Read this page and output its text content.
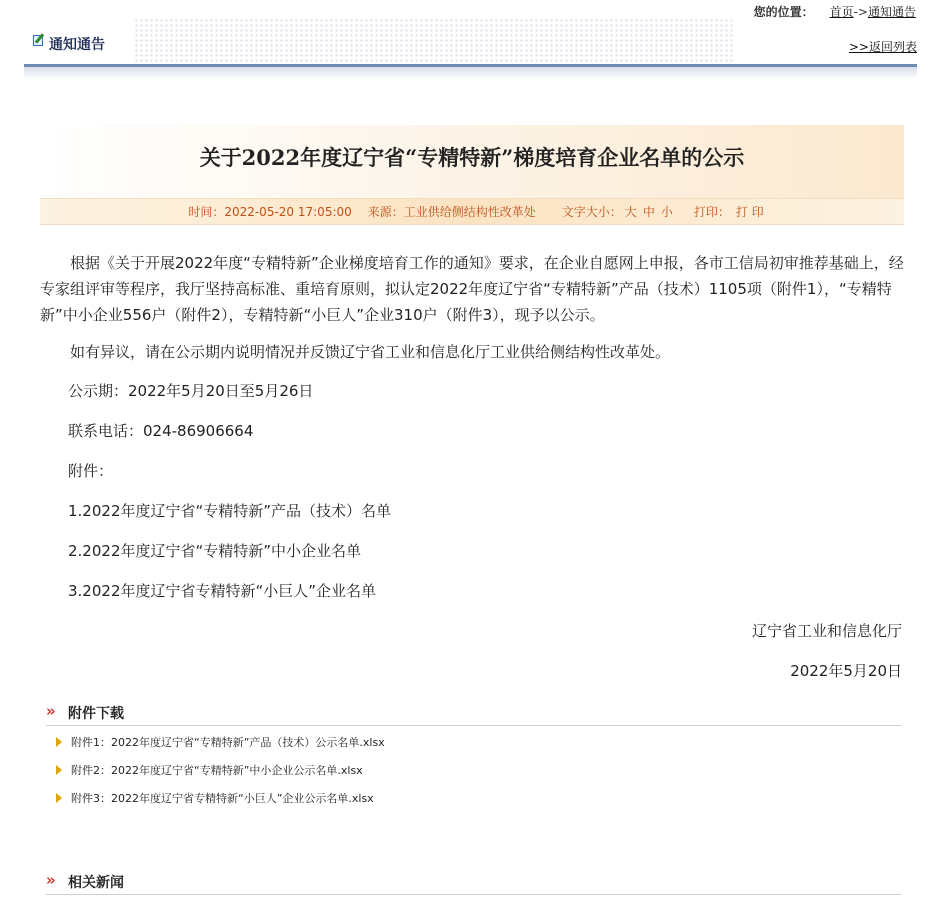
您的位置： 首页->通知通告
通知通告	>>返回列表
关于2022年度辽宁省“专精特新”梯度培育企业名单的公示
时间：2022-05-20 17:05:00 来源：工业供给侧结构性改革处 文字大小： 大 中 小 打印： 打 印

根据《关于开展2022年度“专精特新”企业梯度培育工作的通知》要求，在企业自愿网上申报，各市工信局初审推荐基础上，经专家组评审等程序，我厅坚持高标准、重培育原则，拟认定2022年度辽宁省“专精特新”产品（技术）1105项（附件1），“专精特新”中小企业556户（附件2），专精特新“小巨人”企业310户（附件3），现予以公示。

如有异议，请在公示期内说明情况并反馈辽宁省工业和信息化厅工业供给侧结构性改革处。

公示期：2022年5月20日至5月26日
联系电话：024-86906664
附件：
1.2022年度辽宁省“专精特新”产品（技术）名单
2.2022年度辽宁省“专精特新”中小企业名单
3.2022年度辽宁省专精特新“小巨人”企业名单
辽宁省工业和信息化厅
2022年5月20日
» 附件下载
附件1：2022年度辽宁省“专精特新”产品（技术）公示名单.xlsx
附件2：2022年度辽宁省“专精特新”中小企业公示名单.xlsx
附件3：2022年度辽宁省专精特新“小巨人”企业公示名单.xlsx
» 相关新闻
